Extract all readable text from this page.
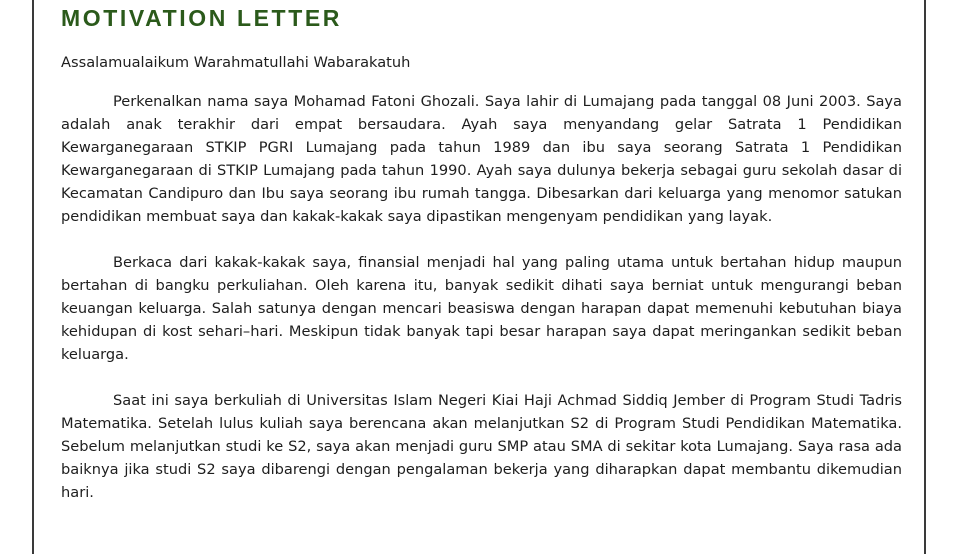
MOTIVATION LETTER

Assalamualaikum Warahmatullahi Wabarakatuh

Perkenalkan nama saya Mohamad Fatoni Ghozali. Saya lahir di Lumajang pada tanggal 08 Juni 2003. Saya adalah anak terakhir dari empat bersaudara. Ayah saya menyandang gelar Satrata 1 Pendidikan Kewarganegaraan STKIP PGRI Lumajang pada tahun 1989 dan ibu saya seorang Satrata 1 Pendidikan Kewarganegaraan di STKIP Lumajang pada tahun 1990. Ayah saya dulunya bekerja sebagai guru sekolah dasar di Kecamatan Candipuro dan Ibu saya seorang ibu rumah tangga. Dibesarkan dari keluarga yang menomor satukan pendidikan membuat saya dan kakak-kakak saya dipastikan mengenyam pendidikan yang layak.

Berkaca dari kakak-kakak saya, finansial menjadi hal yang paling utama untuk bertahan hidup maupun bertahan di bangku perkuliahan. Oleh karena itu, banyak sedikit dihati saya berniat untuk mengurangi beban keuangan keluarga. Salah satunya dengan mencari beasiswa dengan harapan dapat memenuhi kebutuhan biaya kehidupan di kost sehari–hari. Meskipun tidak banyak tapi besar harapan saya dapat meringankan sedikit beban keluarga.

Saat ini saya berkuliah di Universitas Islam Negeri Kiai Haji Achmad Siddiq Jember di Program Studi Tadris Matematika. Setelah lulus kuliah saya berencana akan melanjutkan S2 di Program Studi Pendidikan Matematika. Sebelum melanjutkan studi ke S2, saya akan menjadi guru SMP atau SMA di sekitar kota Lumajang. Saya rasa ada baiknya jika studi S2 saya dibarengi dengan pengalaman bekerja yang diharapkan dapat membantu dikemudian hari.
